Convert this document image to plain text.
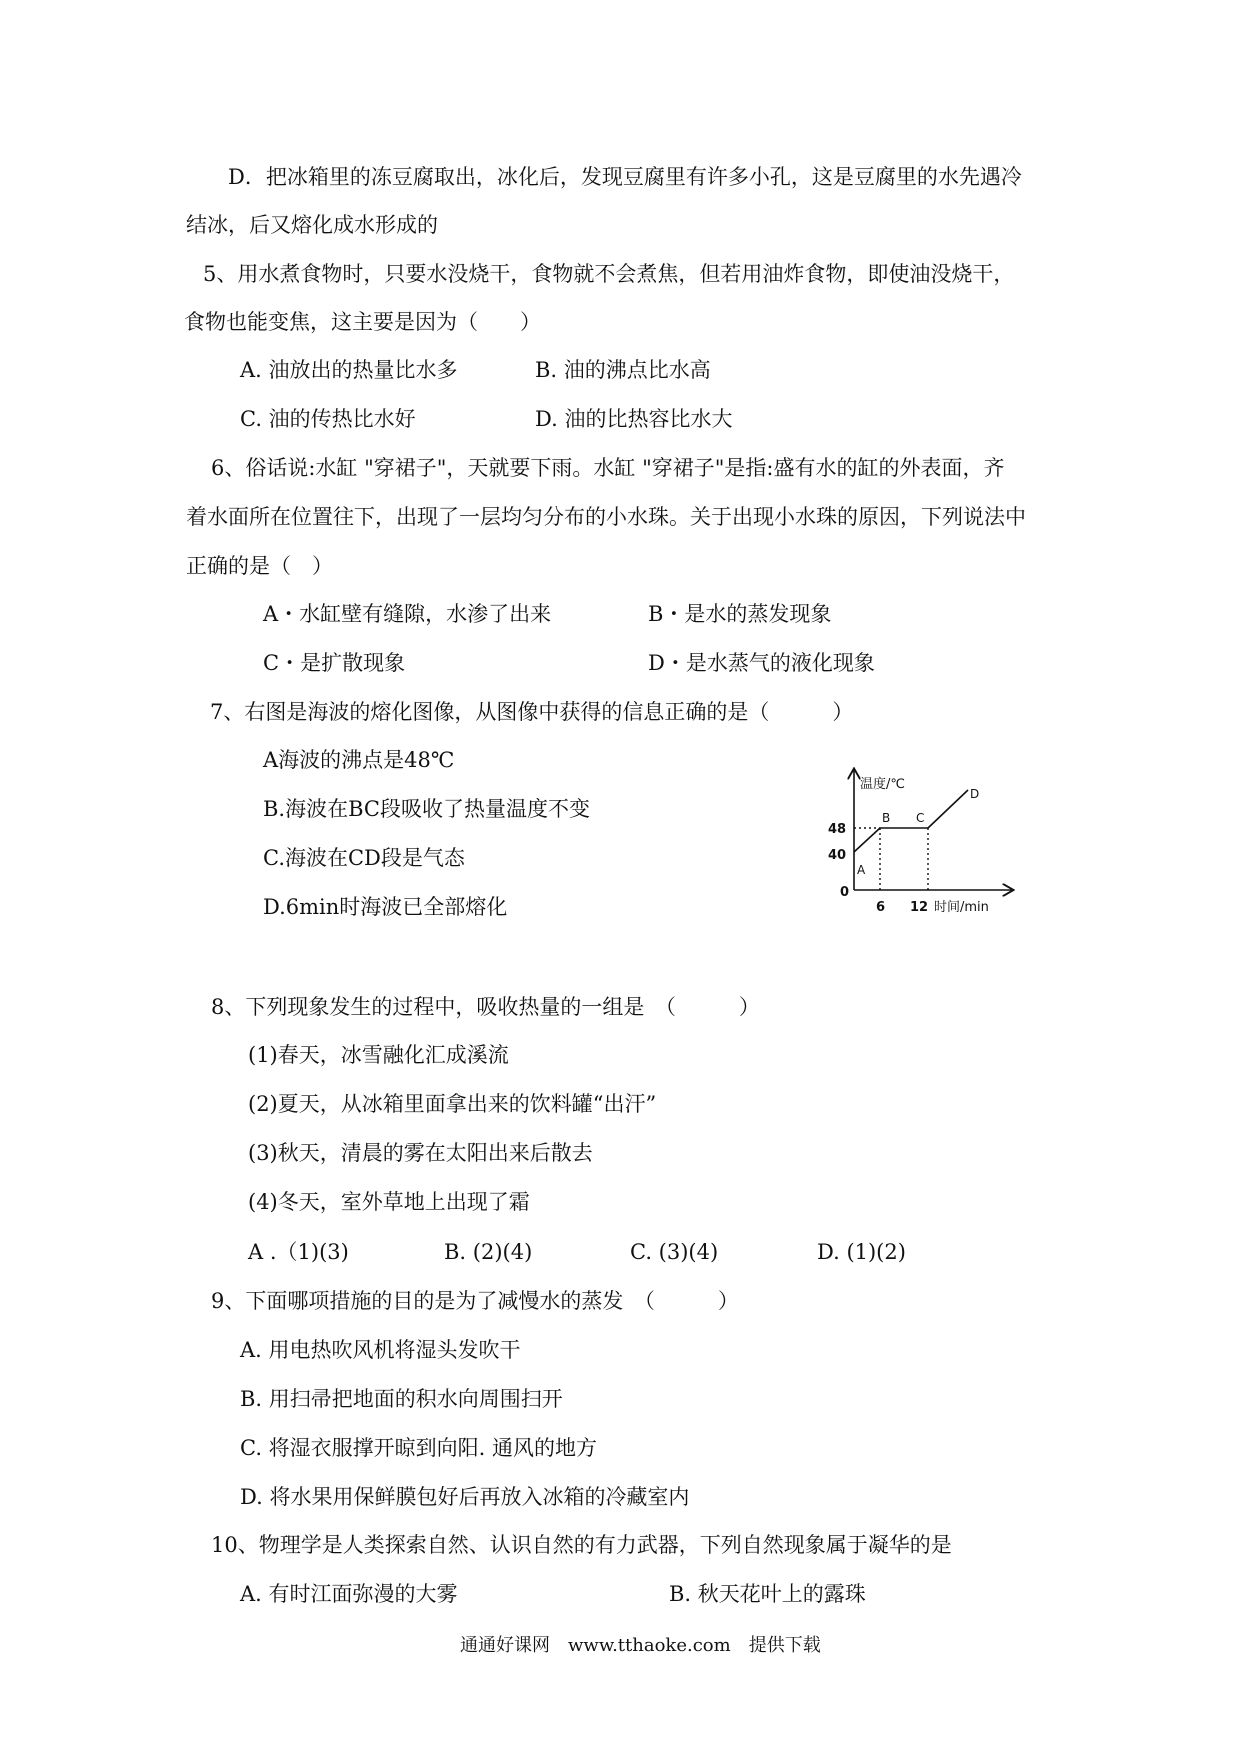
D．把冰箱里的冻豆腐取出，冰化后，发现豆腐里有许多小孔，这是豆腐里的水先遇冷
结冰，后又熔化成水形成的
5、用水煮食物时，只要水没烧干，食物就不会煮焦，但若用油炸食物，即使油没烧干，
食物也能变焦，这主要是因为（　　）
A. 油放出的热量比水多	B. 油的沸点比水高
C. 油的传热比水好	D. 油的比热容比水大
6、俗话说:水缸 "穿裙子"，天就要下雨。水缸 "穿裙子"是指:盛有水的缸的外表面，齐
着水面所在位置往下，出现了一层均匀分布的小水珠。关于出现小水珠的原因，下列说法中
正确的是（　）
A・水缸壁有缝隙，水渗了出来	B・是水的蒸发现象
C・是扩散现象	D・是水蒸气的液化现象
7、右图是海波的熔化图像，从图像中获得的信息正确的是（　　　）
A海波的沸点是48℃
B.海波在BC段吸收了热量温度不变
C.海波在CD段是气态
D.6min时海波已全部熔化
温度/℃
时间/min
0
40
48
6 12
A
B C
D
8、下列现象发生的过程中，吸收热量的一组是　（　　　）
(1)春天，冰雪融化汇成溪流
(2)夏天，从冰箱里面拿出来的饮料罐“出汗”
(3)秋天，清晨的雾在太阳出来后散去
(4)冬天，室外草地上出现了霜
A .（1)(3)	B. (2)(4)	C. (3)(4)	D. (1)(2)
9、下面哪项措施的目的是为了减慢水的蒸发　（　　　）
A. 用电热吹风机将湿头发吹干
B. 用扫帚把地面的积水向周围扫开
C. 将湿衣服撑开晾到向阳. 通风的地方
D. 将水果用保鲜膜包好后再放入冰箱的冷藏室内
10、物理学是人类探索自然、认识自然的有力武器，下列自然现象属于凝华的是
A. 有时江面弥漫的大雾	B. 秋天花叶上的露珠
通通好课网　www.tthaoke.com　提供下载
